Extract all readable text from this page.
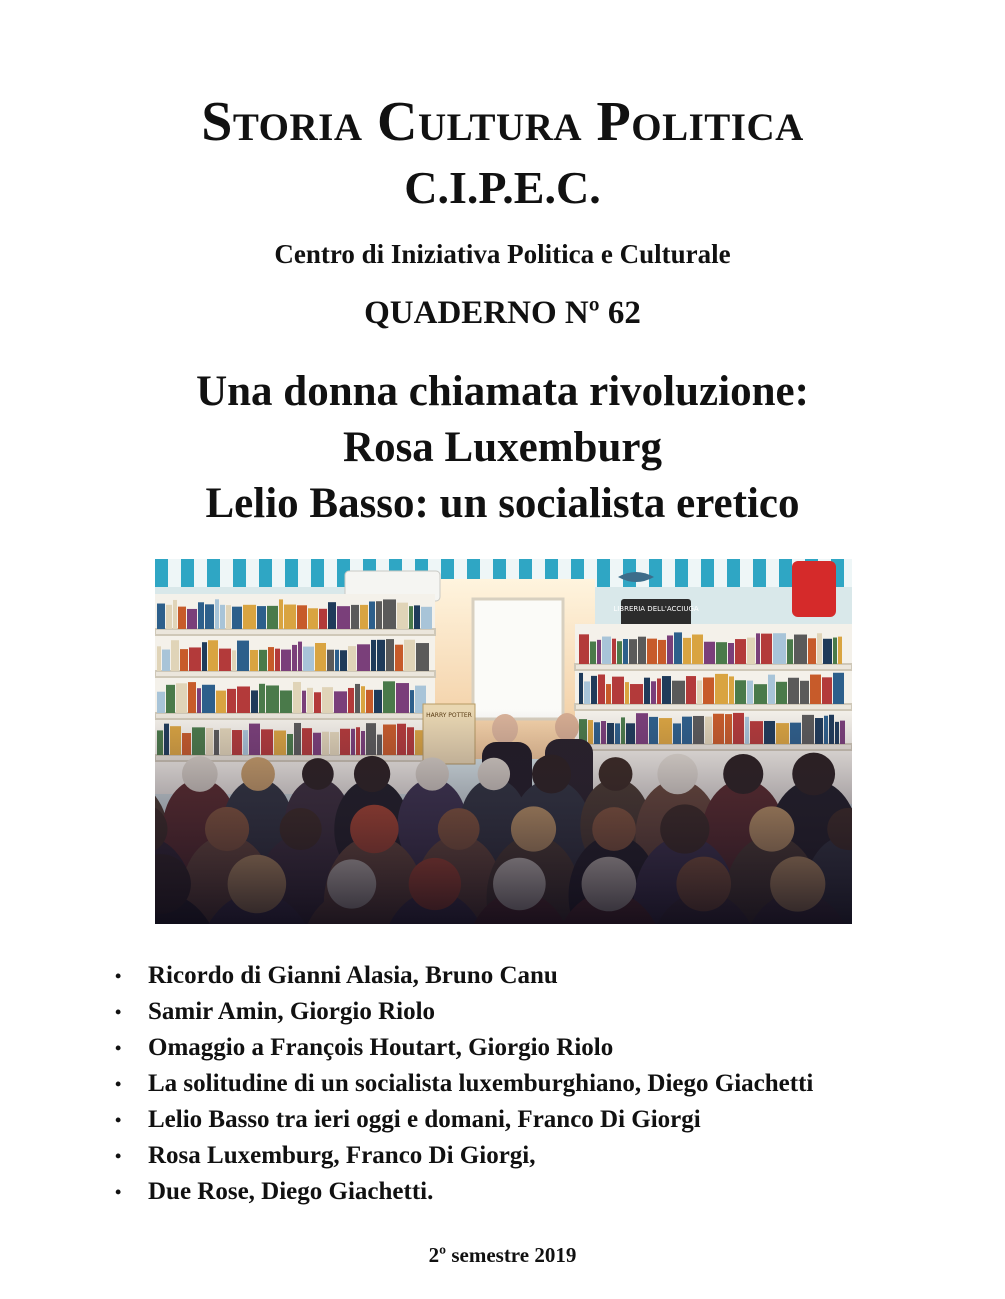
Storia Cultura Politica
C.I.P.E.C.
Centro di Iniziativa Politica e Culturale
QUADERNO Nº 62
Una donna chiamata rivoluzione:
Rosa Luxemburg
Lelio Basso: un socialista eretico
LIBRERIA DELL'ACCIUGA
• Ricordo di Gianni Alasia, Bruno Canu
• Samir Amin, Giorgio Riolo
• Omaggio a François Houtart, Giorgio Riolo
• La solitudine di un socialista luxemburghiano, Diego Giachetti
• Lelio Basso tra ieri oggi e domani, Franco Di Giorgi
• Rosa Luxemburg, Franco Di Giorgi,
• Due Rose, Diego Giachetti.
2º semestre 2019
